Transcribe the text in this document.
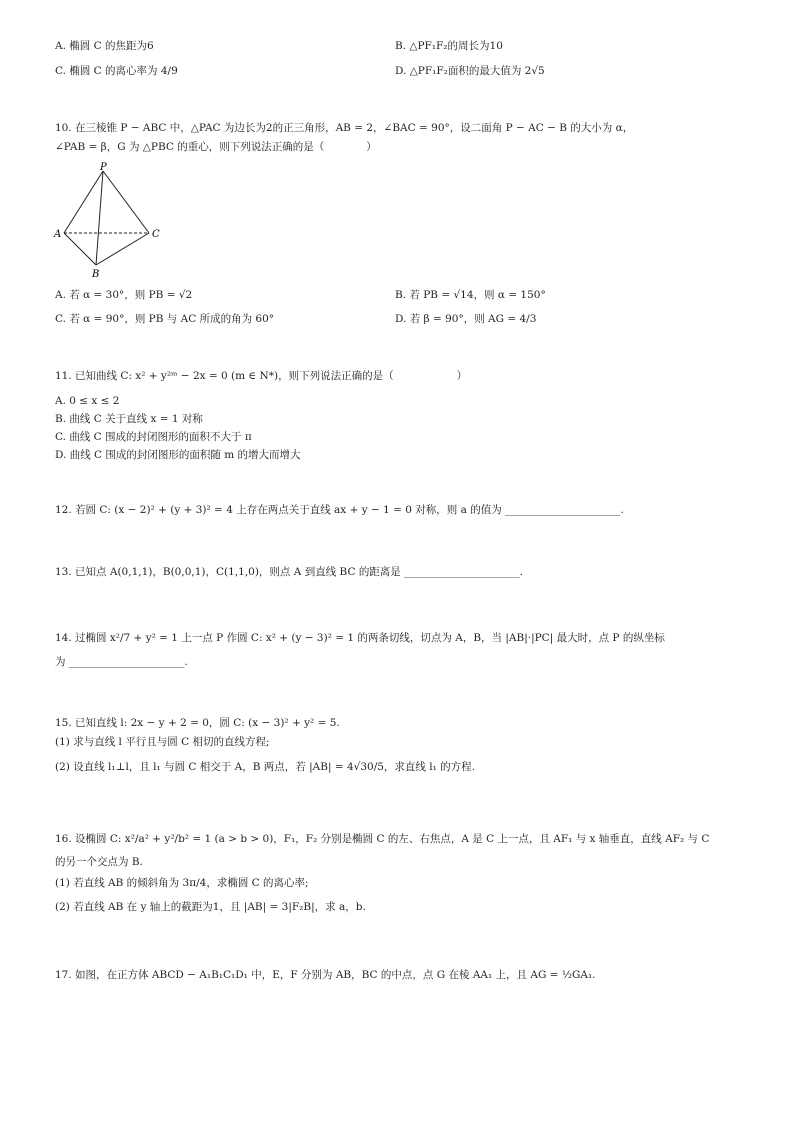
A. 椭圆 C 的焦距为6	B. △PF₁F₂的周长为10
C. 椭圆 C 的离心率为 4/9	D. △PF₁F₂面积的最大值为 2√5
10. 在三棱锥 P − ABC 中，△PAC 为边长为2的正三角形，AB = 2，∠BAC = 90°，设二面角 P − AC − B 的大小为 α，
∠PAB = β，G 为 △PBC 的重心，则下列说法正确的是（　　　　）
P
A	C
B
A. 若 α = 30°，则 PB = √2	B. 若 PB = √14，则 α = 150°
C. 若 α = 90°，则 PB 与 AC 所成的角为 60°	D. 若 β = 90°，则 AG = 4/3
11. 已知曲线 C: x² + y²ᵐ − 2x = 0 (m ∈ N*)，则下列说法正确的是（　　　　　　）
A. 0 ≤ x ≤ 2
B. 曲线 C 关于直线 x = 1 对称
C. 曲线 C 围成的封闭图形的面积不大于 π
D. 曲线 C 围成的封闭图形的面积随 m 的增大而增大
12. 若圆 C: (x − 2)² + (y + 3)² = 4 上存在两点关于直线 ax + y − 1 = 0 对称，则 a 的值为 ______________________.
13. 已知点 A(0,1,1)，B(0,0,1)，C(1,1,0)，则点 A 到直线 BC 的距离是 ______________________.
14. 过椭圆 x²/7 + y² = 1 上一点 P 作圆 C: x² + (y − 3)² = 1 的两条切线，切点为 A，B，当 |AB|·|PC| 最大时，点 P 的纵坐标
为 ______________________.
15. 已知直线 l: 2x − y + 2 = 0，圆 C: (x − 3)² + y² = 5.
(1) 求与直线 l 平行且与圆 C 相切的直线方程;
(2) 设直线 l₁⊥l，且 l₁ 与圆 C 相交于 A，B 两点，若 |AB| = 4√30/5，求直线 l₁ 的方程.
16. 设椭圆 C: x²/a² + y²/b² = 1 (a > b > 0)，F₁，F₂ 分别是椭圆 C 的左、右焦点，A 是 C 上一点，且 AF₁ 与 x 轴垂直，直线 AF₂ 与 C
的另一个交点为 B.
(1) 若直线 AB 的倾斜角为 3π/4，求椭圆 C 的离心率;
(2) 若直线 AB 在 y 轴上的截距为1，且 |AB| = 3|F₂B|，求 a，b.
17. 如图，在正方体 ABCD − A₁B₁C₁D₁ 中，E，F 分别为 AB，BC 的中点，点 G 在棱 AA₁ 上，且 AG = ½GA₁.
